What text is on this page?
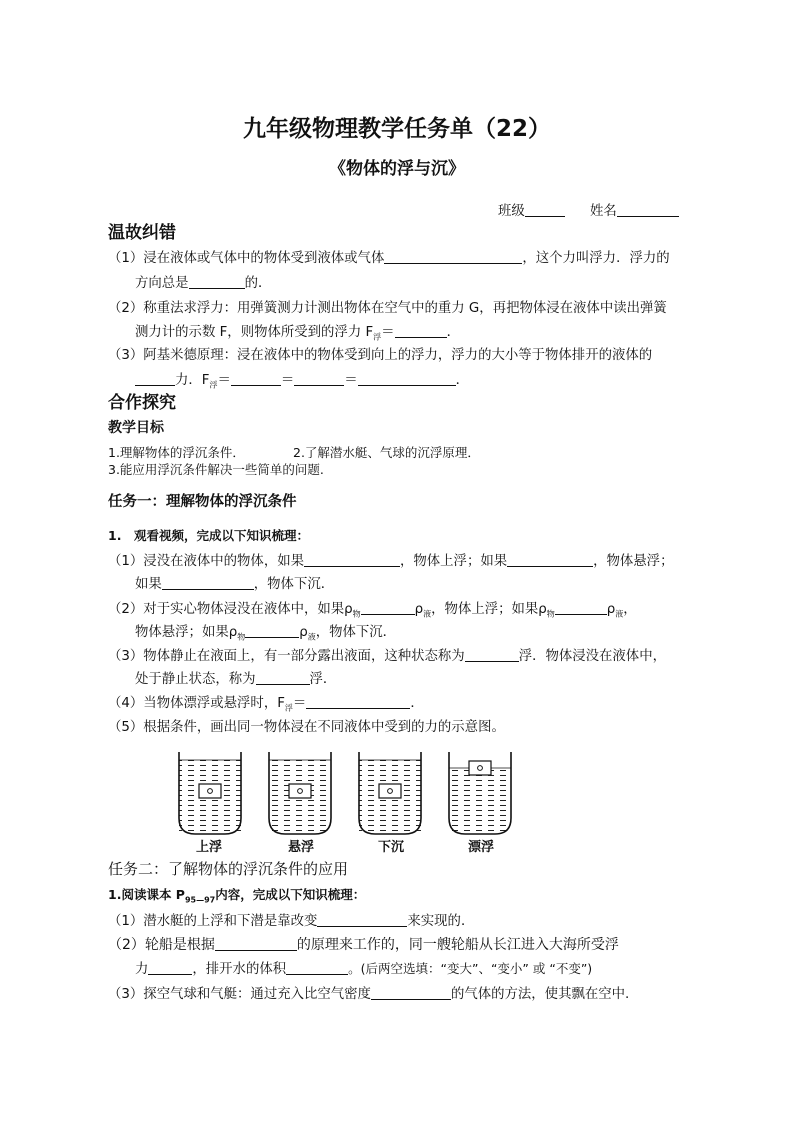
九年级物理教学任务单（22）
《物体的浮与沉》
班级	姓名
温故纠错
（1）浸在液体或气体中的物体受到液体或气体	，这个力叫浮力．浮力的
方向总是	的．
（2）称重法求浮力：用弹簧测力计测出物体在空气中的重力 G，再把物体浸在液体中读出弹簧
测力计的示数 F，则物体所受到的浮力 $F_浮=$	．
（3）阿基米德原理：浸在液体中的物体受到向上的浮力，浮力的大小等于物体排开的液体的
力．$F_浮=$	＝	＝	．
合作探究
教学目标
1.理解物体的浮沉条件．	2.了解潜水艇、气球的沉浮原理．
3.能应用浮沉条件解决一些简单的问题.
任务一：理解物体的浮沉条件
1.　观看视频，完成以下知识梳理：
（1）浸没在液体中的物体，如果	，物体上浮；如果	，物体悬浮；
如果	，物体下沉．
（2）对于实心物体浸没在液体中，如果$\rho_物$	$\rho_液$，物体上浮；如果$\rho_物$	$\rho_液$，
物体悬浮；如果$\rho_物$	$\rho_液$，物体下沉．
（3）物体静止在液面上，有一部分露出液面，这种状态称为	浮．物体浸没在液体中，
处于静止状态，称为	浮．
（4）当物体漂浮或悬浮时，$F_浮=$	．
（5）根据条件，画出同一物体浸在不同液体中受到的力的示意图。
上浮	悬浮	下沉	漂浮
任务二：了解物体的浮沉条件的应用
1.阅读课本 $P_{95—97}$内容，完成以下知识梳理：
（1）潜水艇的上浮和下潜是靠改变	来实现的．
（2）轮船是根据	的原理来工作的，同一艘轮船从长江进入大海所受浮
力	，排开水的体积	。(后两空选填：“变大”、“变小” 或 “不变”)
（3）探空气球和气艇：通过充入比空气密度	的气体的方法，使其飘在空中.
